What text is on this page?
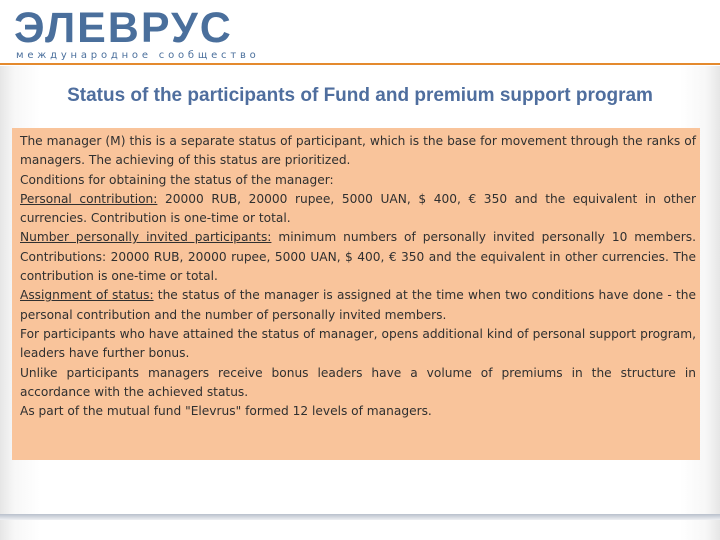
ЭЛЕВРУС
международное сообщество
Status of the participants of Fund and premium support program

The manager (M) this is a separate status of participant, which is the base for movement through the ranks of managers. The achieving of this status are prioritized.

Conditions for obtaining the status of the manager:

Personal contribution: 20000 RUB, 20000 rupee, 5000 UAN, $ 400, € 350 and the equivalent in other currencies. Contribution is one-time or total.

Number personally invited participants: minimum numbers of personally invited personally 10 members. Contributions: 20000 RUB, 20000 rupee, 5000 UAN, $ 400, € 350 and the equivalent in other currencies. The contribution is one-time or total.

Assignment of status: the status of the manager is assigned at the time when two conditions have done - the personal contribution and the number of personally invited members.

For participants who have attained the status of manager, opens additional kind of personal support program, leaders have further bonus.

Unlike participants managers receive bonus leaders have a volume of premiums in the structure in accordance with the achieved status.

As part of the mutual fund "Elevrus" formed 12 levels of managers.
